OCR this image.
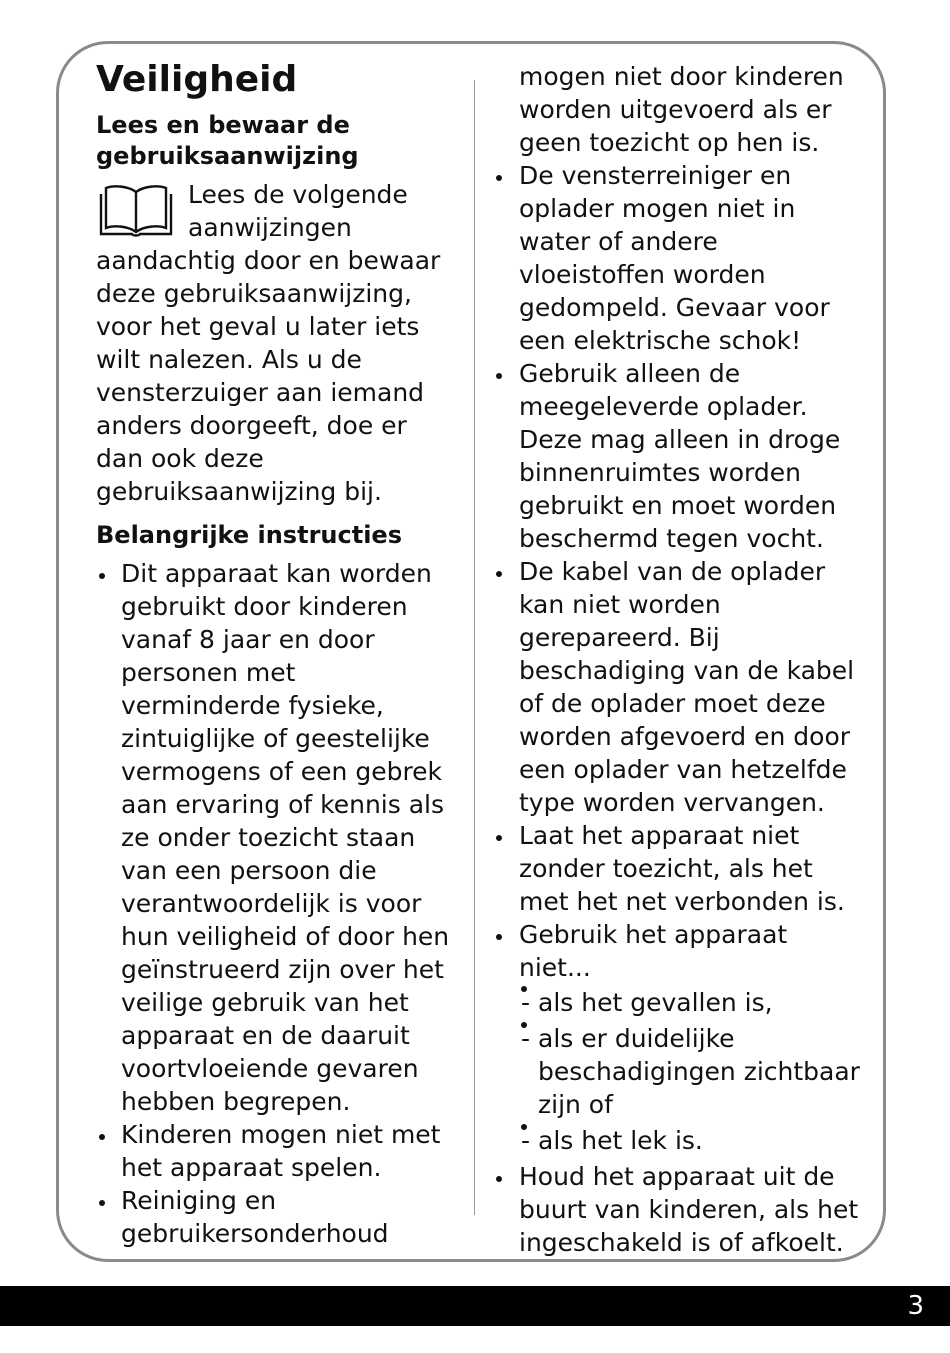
Veiligheid

Lees en bewaar de gebruiksaanwijzing

Lees de volgende aanwijzingen aandachtig door en bewaar deze gebruiksaanwijzing, voor het geval u later iets wilt nalezen. Als u de vensterzuiger aan iemand anders doorgeeft, doe er dan ook deze gebruiksaanwijzing bij.

Belangrijke instructies

Dit apparaat kan worden gebruikt door kinderen vanaf 8 jaar en door personen met verminderde fysieke, zintuiglijke of geestelijke vermogens of een gebrek aan ervaring of kennis als ze onder toezicht staan van een persoon die verantwoordelijk is voor hun veiligheid of door hen geïnstrueerd zijn over het veilige gebruik van het apparaat en de daaruit voortvloeiende gevaren hebben begrepen.
Kinderen mogen niet met het apparaat spelen.
Reiniging en gebruikersonderhoud

mogen niet door kinderen worden uitgevoerd als er geen toezicht op hen is.

De vensterreiniger en oplader mogen niet in water of andere vloeistoffen worden gedompeld. Gevaar voor een elektrische schok!
Gebruik alleen de meegeleverde oplader. Deze mag alleen in droge binnenruimtes worden gebruikt en moet worden beschermd tegen vocht.
De kabel van de oplader kan niet worden gerepareerd. Bij beschadiging van de kabel of de oplader moet deze worden afgevoerd en door een oplader van hetzelfde type worden vervangen.
Laat het apparaat niet zonder toezicht, als het met het net verbonden is.
Gebruik het apparaat niet...
- als het gevallen is,
- als er duidelijke beschadigingen zichtbaar zijn of
- als het lek is.
Houd het apparaat uit de buurt van kinderen, als het ingeschakeld is of afkoelt.
3
